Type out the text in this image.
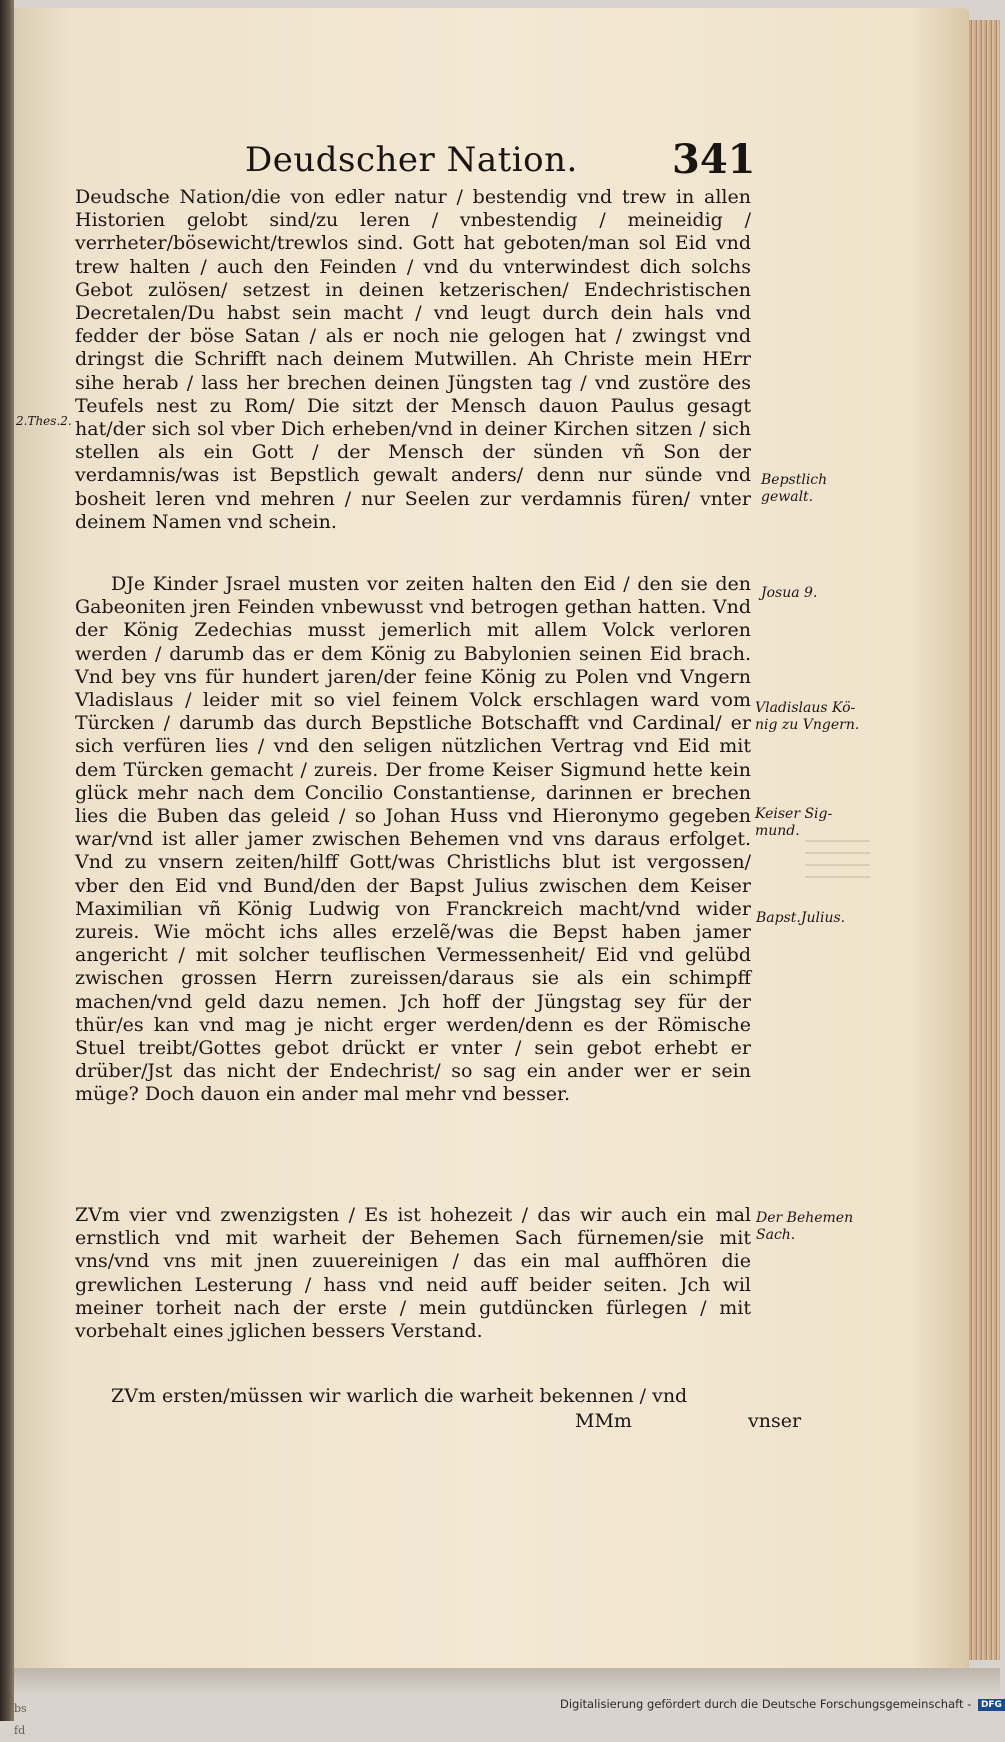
bsfd
Deudscher Nation.	341
Deudsche Nation/die von edler natur / bestendig vnd trew in allen Historien gelobt sind/zu leren / vnbestendig / meineidig / verrheter/bösewicht/trewlos sind. Gott hat geboten/man sol Eid vnd trew halten / auch den Feinden / vnd du vnterwindest dich solchs Gebot zulösen/ setzest in deinen ketzerischen/ Endechristischen Decretalen/Du habst sein macht / vnd leugt durch dein hals vnd fedder der böse Satan / als er noch nie gelogen hat / zwingst vnd dringst die Schrifft nach deinem Mutwillen. Ah Christe mein HErr sihe herab / lass her brechen deinen Jüngsten tag / vnd zustöre des Teufels nest zu Rom/ Die sitzt der Mensch dauon Paulus gesagt hat/der sich sol vber Dich erheben/vnd in deiner Kirchen sitzen / sich stellen als ein Gott / der Mensch der sünden vñ Son der verdamnis/was ist Bepstlich gewalt anders/ denn nur sünde vnd bosheit leren vnd mehren / nur Seelen zur verdamnis füren/ vnter deinem Namen vnd schein.
DJe Kinder Jsrael musten vor zeiten halten den Eid / den sie den Gabeoniten jren Feinden vnbewusst vnd betrogen gethan hatten. Vnd der König Zedechias musst jemerlich mit allem Volck verloren werden / darumb das er dem König zu Babylonien seinen Eid brach. Vnd bey vns für hundert jaren/der feine König zu Polen vnd Vngern Vladislaus / leider mit so viel feinem Volck erschlagen ward vom Türcken / darumb das durch Bepstliche Botschafft vnd Cardinal/ er sich verfüren lies / vnd den seligen nützlichen Vertrag vnd Eid mit dem Türcken gemacht / zureis. Der frome Keiser Sigmund hette kein glück mehr nach dem Concilio Constantiense, darinnen er brechen lies die Buben das geleid / so Johan Huss vnd Hieronymo gegeben war/vnd ist aller jamer zwischen Behemen vnd vns daraus erfolget. Vnd zu vnsern zeiten/hilff Gott/was Christlichs blut ist vergossen/ vber den Eid vnd Bund/den der Bapst Julius zwischen dem Keiser Maximilian vñ König Ludwig von Franckreich macht/vnd wider zureis. Wie möcht ichs alles erzelẽ/was die Bepst haben jamer angericht / mit solcher teuflischen Vermessenheit/ Eid vnd gelübd zwischen grossen Herrn zureissen/daraus sie als ein schimpff machen/vnd geld dazu nemen. Jch hoff der Jüngstag sey für der thür/es kan vnd mag je nicht erger werden/denn es der Römische Stuel treibt/Gottes gebot drückt er vnter / sein gebot erhebt er drüber/Jst das nicht der Endechrist/ so sag ein ander wer er sein müge? Doch dauon ein ander mal mehr vnd besser.
ZVm vier vnd zwenzigsten / Es ist hohezeit / das wir auch ein mal ernstlich vnd mit warheit der Behemen Sach fürnemen/sie mit vns/vnd vns mit jnen zuuereinigen / das ein mal auffhören die grewlichen Lesterung / hass vnd neid auff beider seiten. Jch wil meiner torheit nach der erste / mein gutdüncken fürlegen / mit vorbehalt eines jglichen bessers Verstand.
ZVm ersten/müssen wir warlich die warheit bekennen / vnd
MMm	vnser
2.Thes.2.
Bepstlich gewalt.
Josua 9.
Vladislaus Kö-nig zu Vngern.
Keiser Sig-mund.
Bapst.Julius.
Der Behemen Sach.
Digitalisierung gefördert durch die Deutsche Forschungsgemeinschaft - DFG
